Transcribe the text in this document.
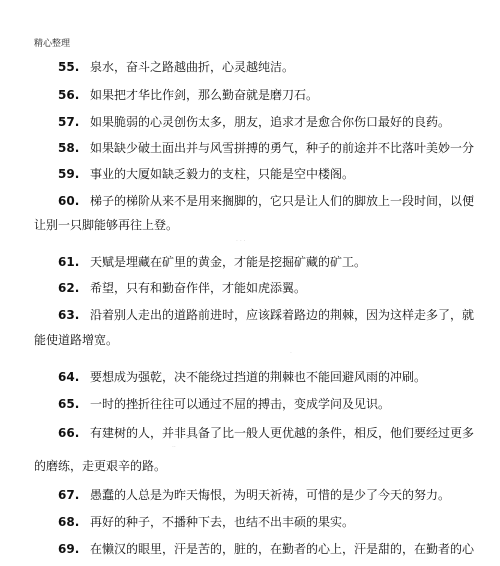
精心整理
55. 泉水，奋斗之路越曲折，心灵越纯洁。
56. 如果把才华比作剑，那么勤奋就是磨刀石。
57. 如果脆弱的心灵创伤太多，朋友，追求才是愈合你伤口最好的良药。
58. 如果缺少破土面出并与风雪拼搏的勇气，种子的前途并不比落叶美妙一分
59. 事业的大厦如缺乏毅力的支柱，只能是空中楼阁。
60. 梯子的梯阶从来不是用来搁脚的，它只是让人们的脚放上一段时间，以便
让别一只脚能够再往上登。
· · ·
61. 天赋是埋藏在矿里的黄金，才能是挖掘矿藏的矿工。
62. 希望，只有和勤奋作伴，才能如虎添翼。
63. 沿着别人走出的道路前进时，应该踩着路边的荆棘，因为这样走多了，就
能使道路增宽。
·
64. 要想成为强乾，决不能绕过挡道的荆棘也不能回避风雨的冲刷。
65. 一时的挫折往往可以通过不屈的搏击，变成学问及见识。
66. 有建树的人，并非具备了比一般人更优越的条件，相反，他们要经过更多
··
的磨练，走更艰辛的路。
67. 愚蠢的人总是为昨天悔恨，为明天祈祷，可惜的是少了今天的努力。
68. 再好的种子，不播种下去，也结不出丰硕的果实。
69. 在懒汉的眼里，汗是苦的，脏的，在勤者的心上，汗是甜的，在勤者的心
